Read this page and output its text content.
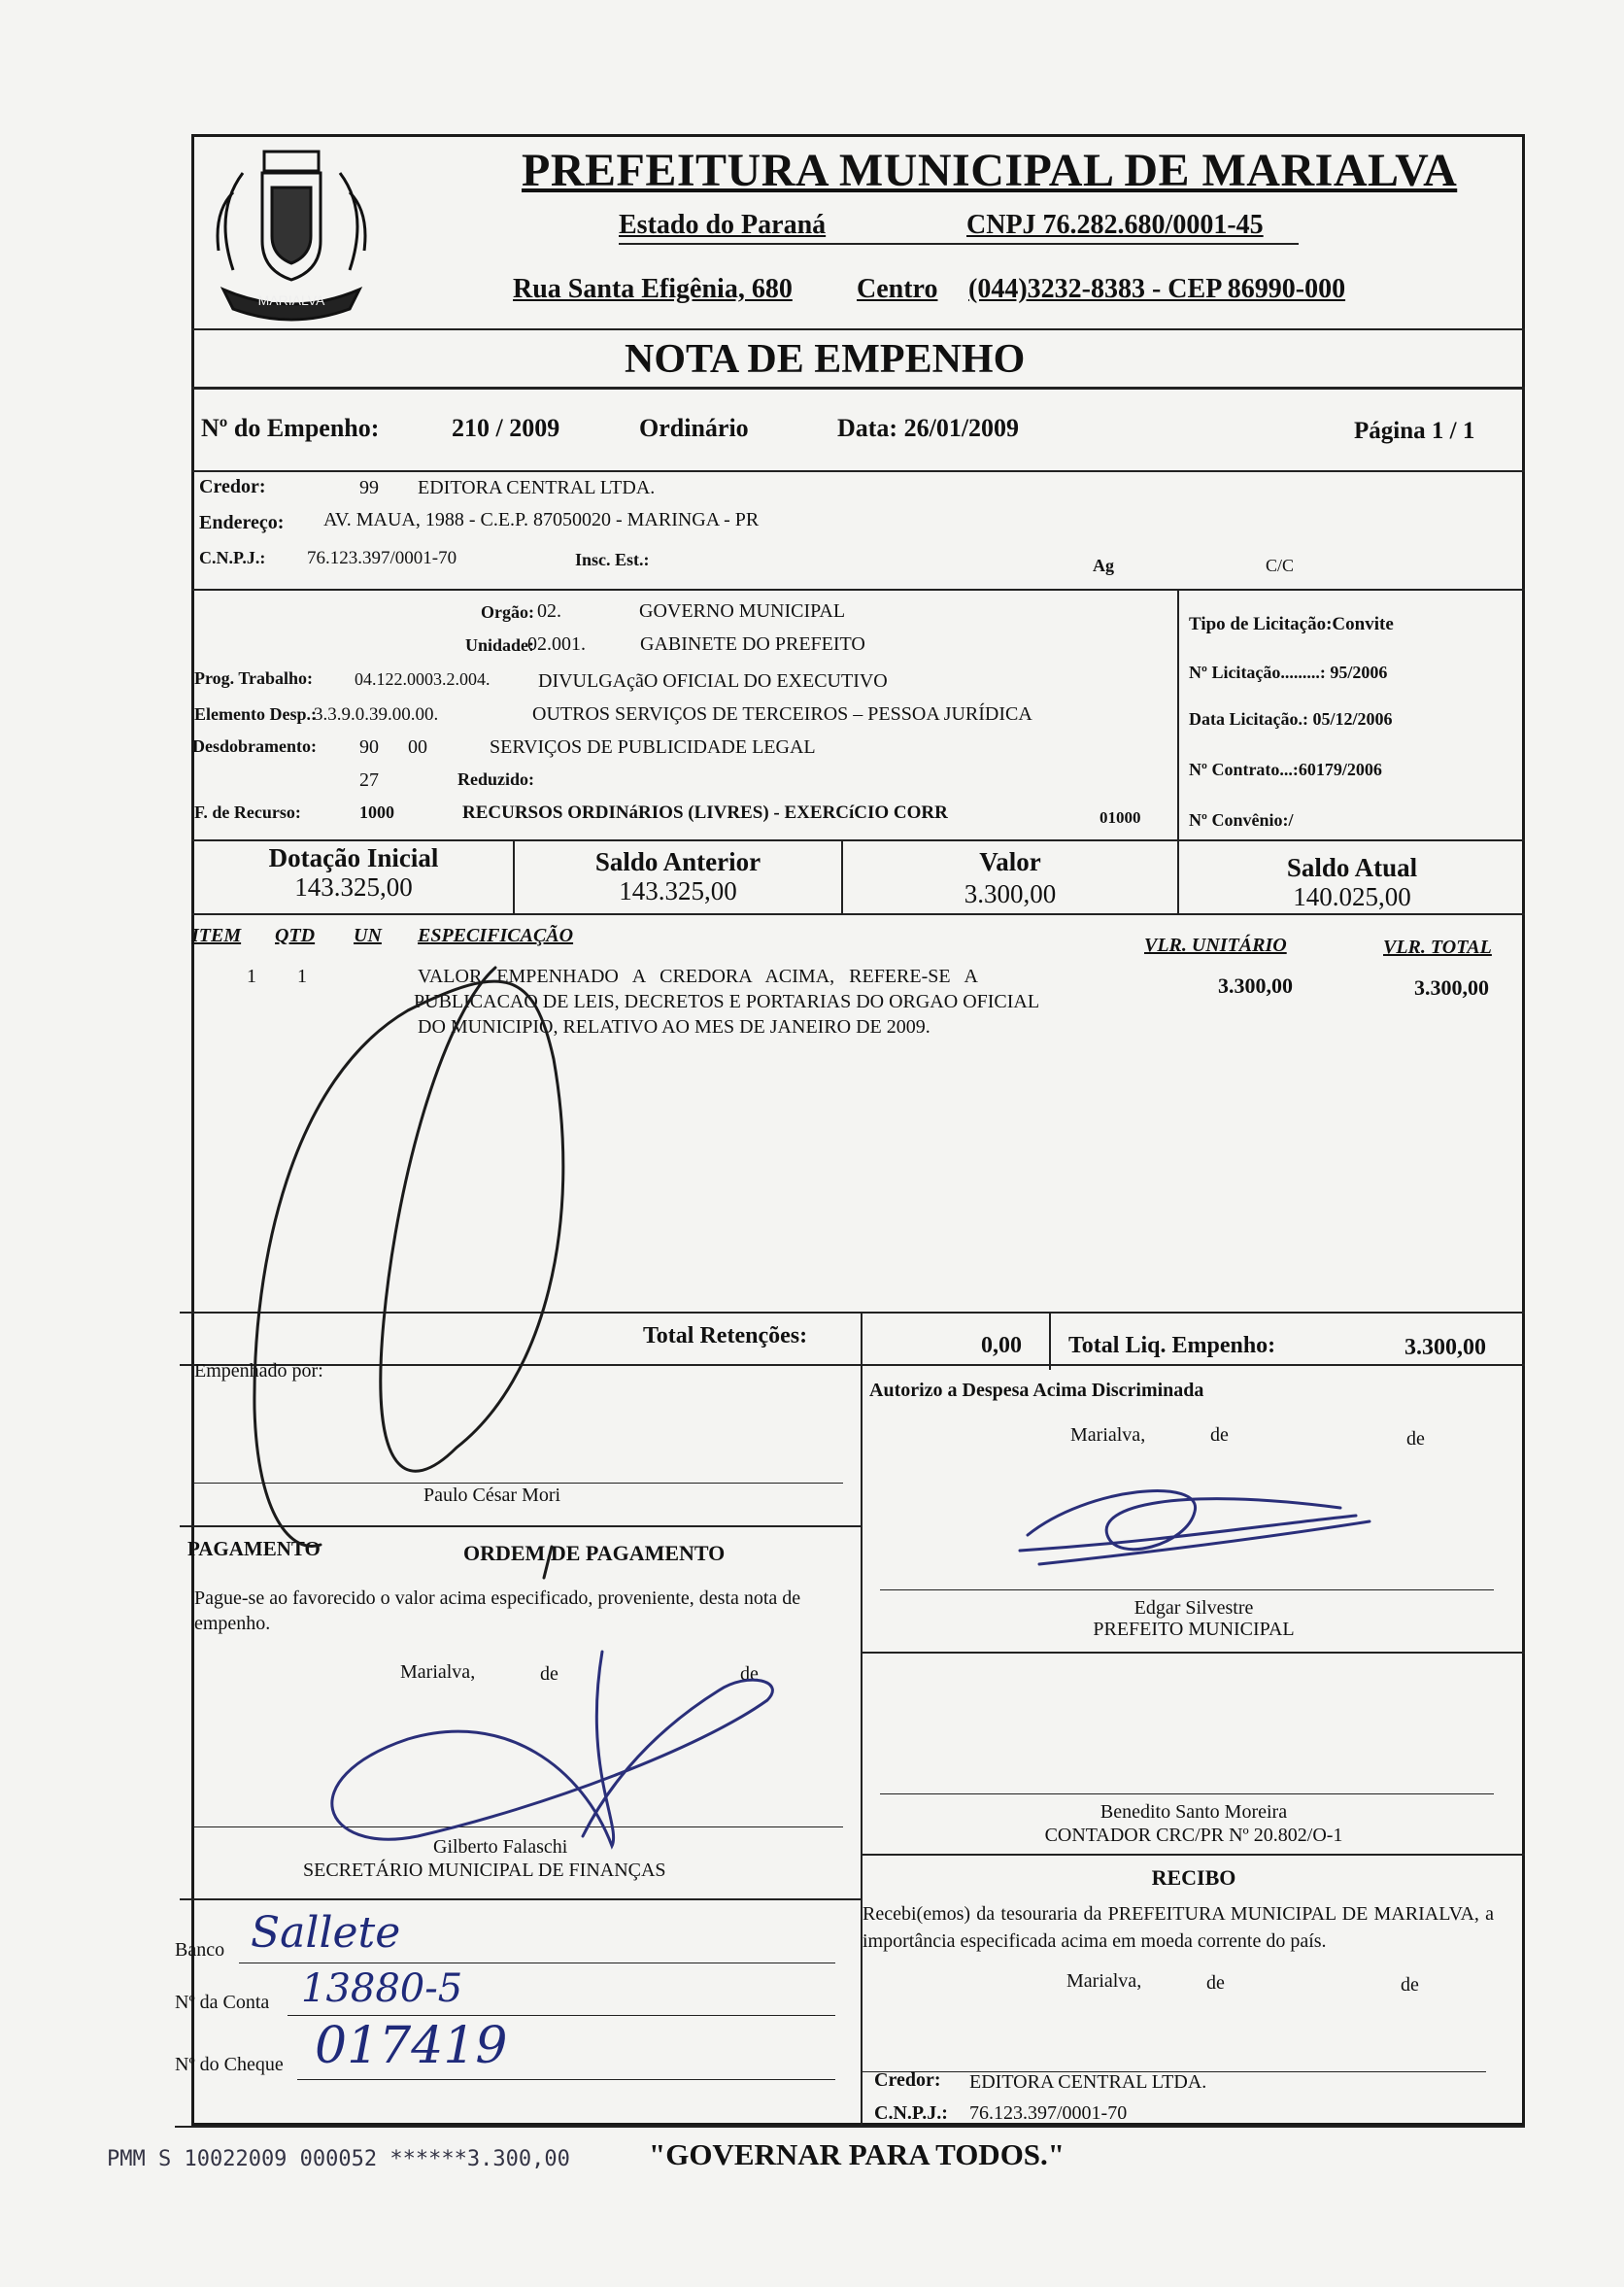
MARIALVA
PREFEITURA MUNICIPAL DE MARIALVA
Estado do Paraná	CNPJ 76.282.680/0001-45
Rua Santa Efigênia, 680 Centro (044)3232-8383 - CEP 86990-000
NOTA DE EMPENHO
Nº do Empenho:	210 / 2009	Ordinário	Data: 26/01/2009	Página 1 / 1
Credor:	99 EDITORA CENTRAL LTDA.
Endereço: AV. MAUA, 1988 - C.E.P. 87050020 - MARINGA - PR
C.N.P.J.: 76.123.397/0001-70	Insc. Est.:	Ag	C/C
Orgão: 02.	GOVERNO MUNICIPAL
Unidade:
02.001.	GABINETE DO PREFEITO
Prog. Trabalho: 04.122.0003.2.004. DIVULGAçãO OFICIAL DO EXECUTIVO
Elemento Desp.:
3.3.9.0.39.00.00.	OUTROS SERVIÇOS DE TERCEIROS – PESSOA JURÍDICA
Desdobramento: 90      00	SERVIÇOS DE PUBLICIDADE LEGAL
Reduzido:
27
F. de Recurso:	1000	RECURSOS ORDINáRIOS (LIVRES) - EXERCíCIO CORR	01000
Tipo de Licitação:Convite
Nº Licitação.........: 95/2006
Data Licitação.: 05/12/2006
Nº Contrato...:60179/2006
Nº Convênio:/
Dotação Inicial
143.325,00
Saldo Anterior
143.325,00
Valor
3.300,00
Saldo Atual
140.025,00
ITEM QTD UN ESPECIFICAÇÃO	VLR. UNITÁRIO	VLR. TOTAL
1 1	VALOR   EMPENHADO   A   CREDORA   ACIMA,   REFERE-SE   A
PUBLICACAO DE LEIS, DECRETOS E PORTARIAS DO ORGAO OFICIAL
DO MUNICIPIO, RELATIVO AO MES DE JANEIRO DE 2009.
3.300,00	3.300,00
Total Retenções:	0,00 Total Liq. Empenho:	3.300,00
Empenhado por:
Paulo César Mori
PAGAMENTO	ORDEM DE PAGAMENTO
Pague-se ao favorecido o valor acima especificado, proveniente, desta nota de empenho.
Marialva,	de	de
Gilberto Falaschi
SECRETÁRIO MUNICIPAL DE FINANÇAS
Banco Sallete
Nº da Conta 13880-5
Nº do Cheque 017419
Autorizo a Despesa Acima Discriminada
Marialva,	de	de
Edgar Silvestre
PREFEITO MUNICIPAL
Benedito Santo Moreira
CONTADOR CRC/PR Nº 20.802/O-1
RECIBO
Recebi(emos) da tesouraria da PREFEITURA MUNICIPAL DE MARIALVA, a importância especificada acima em moeda corrente do país.
Marialva,	de	de
Credor: EDITORA CENTRAL LTDA.
C.N.P.J.: 76.123.397/0001-70
PMM S 10022009 000052 ******3.300,00	"GOVERNAR PARA TODOS."
